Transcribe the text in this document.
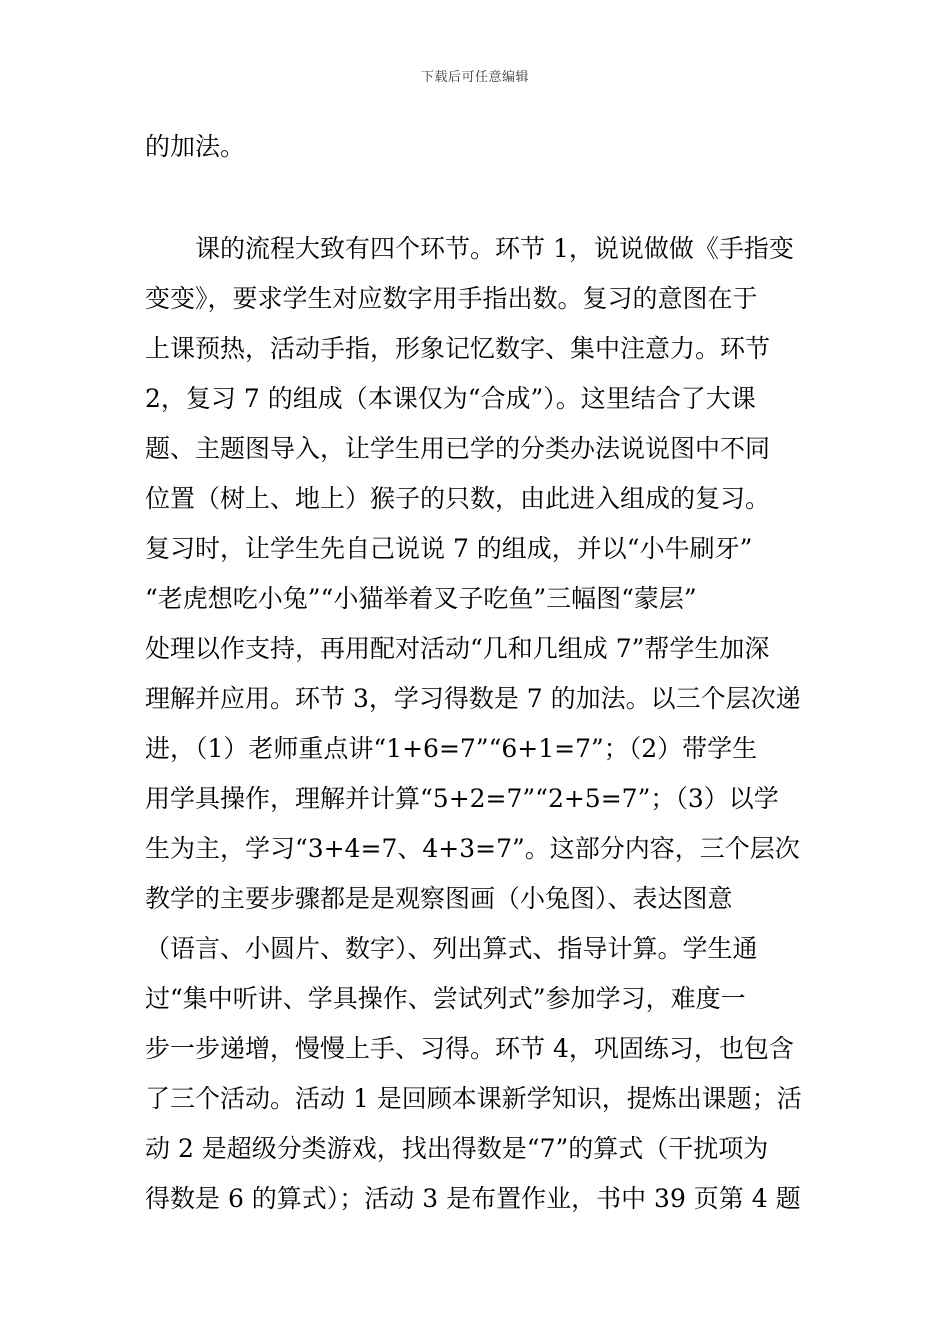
下载后可任意编辑
的加法。
　　课的流程大致有四个环节。环节 1，说说做做《手指变
变变》，要求学生对应数字用手指出数。复习的意图在于
上课预热，活动手指，形象记忆数字、集中注意力。环节
2，复习 7 的组成（本课仅为“合成”）。这里结合了大课
题、主题图导入，让学生用已学的分类办法说说图中不同
位置（树上、地上）猴子的只数，由此进入组成的复习。
复习时，让学生先自己说说 7 的组成，并以“小牛刷牙”
“老虎想吃小兔”“小猫举着叉子吃鱼”三幅图“蒙层”
处理以作支持，再用配对活动“几和几组成 7”帮学生加深
理解并应用。环节 3，学习得数是 7 的加法。以三个层次递
进，（1）老师重点讲“1+6=7”“6+1=7”；（2）带学生
用学具操作，理解并计算“5+2=7”“2+5=7”；（3）以学
生为主，学习“3+4=7、4+3=7”。这部分内容，三个层次
教学的主要步骤都是是观察图画（小兔图）、表达图意
（语言、小圆片、数字）、列出算式、指导计算。学生通
过“集中听讲、学具操作、尝试列式”参加学习，难度一
步一步递增，慢慢上手、习得。环节 4，巩固练习，也包含
了三个活动。活动 1 是回顾本课新学知识，提炼出课题；活
动 2 是超级分类游戏，找出得数是“7”的算式（干扰项为
得数是 6 的算式）；活动 3 是布置作业，书中 39 页第 4 题
